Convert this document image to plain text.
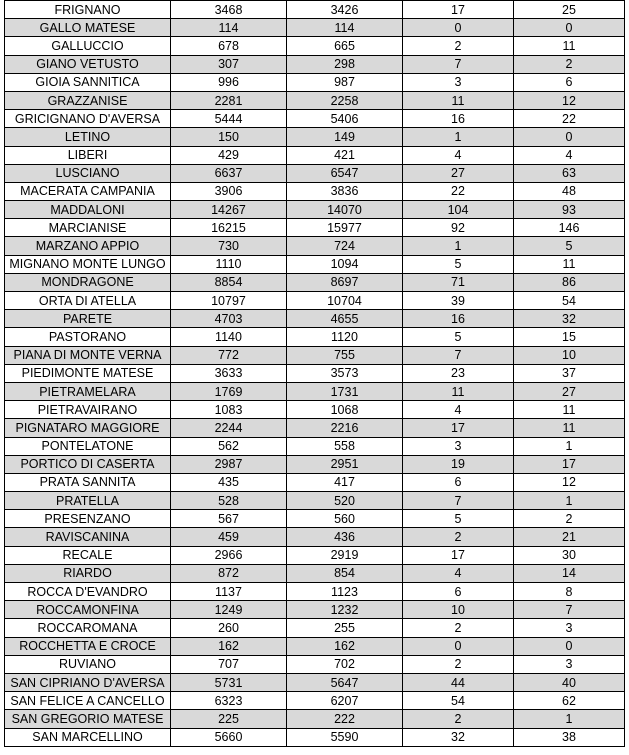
FRIGNANO	3468	3426	17	25
GALLO MATESE	114	114	0	0
GALLUCCIO	678	665	2	11
GIANO VETUSTO	307	298	7	2
GIOIA SANNITICA	996	987	3	6
GRAZZANISE	2281	2258	11	12
GRICIGNANO D'AVERSA	5444	5406	16	22
LETINO	150	149	1	0
LIBERI	429	421	4	4
LUSCIANO	6637	6547	27	63
MACERATA CAMPANIA	3906	3836	22	48
MADDALONI	14267	14070	104	93
MARCIANISE	16215	15977	92	146
MARZANO APPIO	730	724	1	5
MIGNANO MONTE LUNGO	1110	1094	5	11
MONDRAGONE	8854	8697	71	86
ORTA DI ATELLA	10797	10704	39	54
PARETE	4703	4655	16	32
PASTORANO	1140	1120	5	15
PIANA DI MONTE VERNA	772	755	7	10
PIEDIMONTE MATESE	3633	3573	23	37
PIETRAMELARA	1769	1731	11	27
PIETRAVAIRANO	1083	1068	4	11
PIGNATARO MAGGIORE	2244	2216	17	11
PONTELATONE	562	558	3	1
PORTICO DI CASERTA	2987	2951	19	17
PRATA SANNITA	435	417	6	12
PRATELLA	528	520	7	1
PRESENZANO	567	560	5	2
RAVISCANINA	459	436	2	21
RECALE	2966	2919	17	30
RIARDO	872	854	4	14
ROCCA D'EVANDRO	1137	1123	6	8
ROCCAMONFINA	1249	1232	10	7
ROCCAROMANA	260	255	2	3
ROCCHETTA E CROCE	162	162	0	0
RUVIANO	707	702	2	3
SAN CIPRIANO D'AVERSA	5731	5647	44	40
SAN FELICE A CANCELLO	6323	6207	54	62
SAN GREGORIO MATESE	225	222	2	1
SAN MARCELLINO	5660	5590	32	38
